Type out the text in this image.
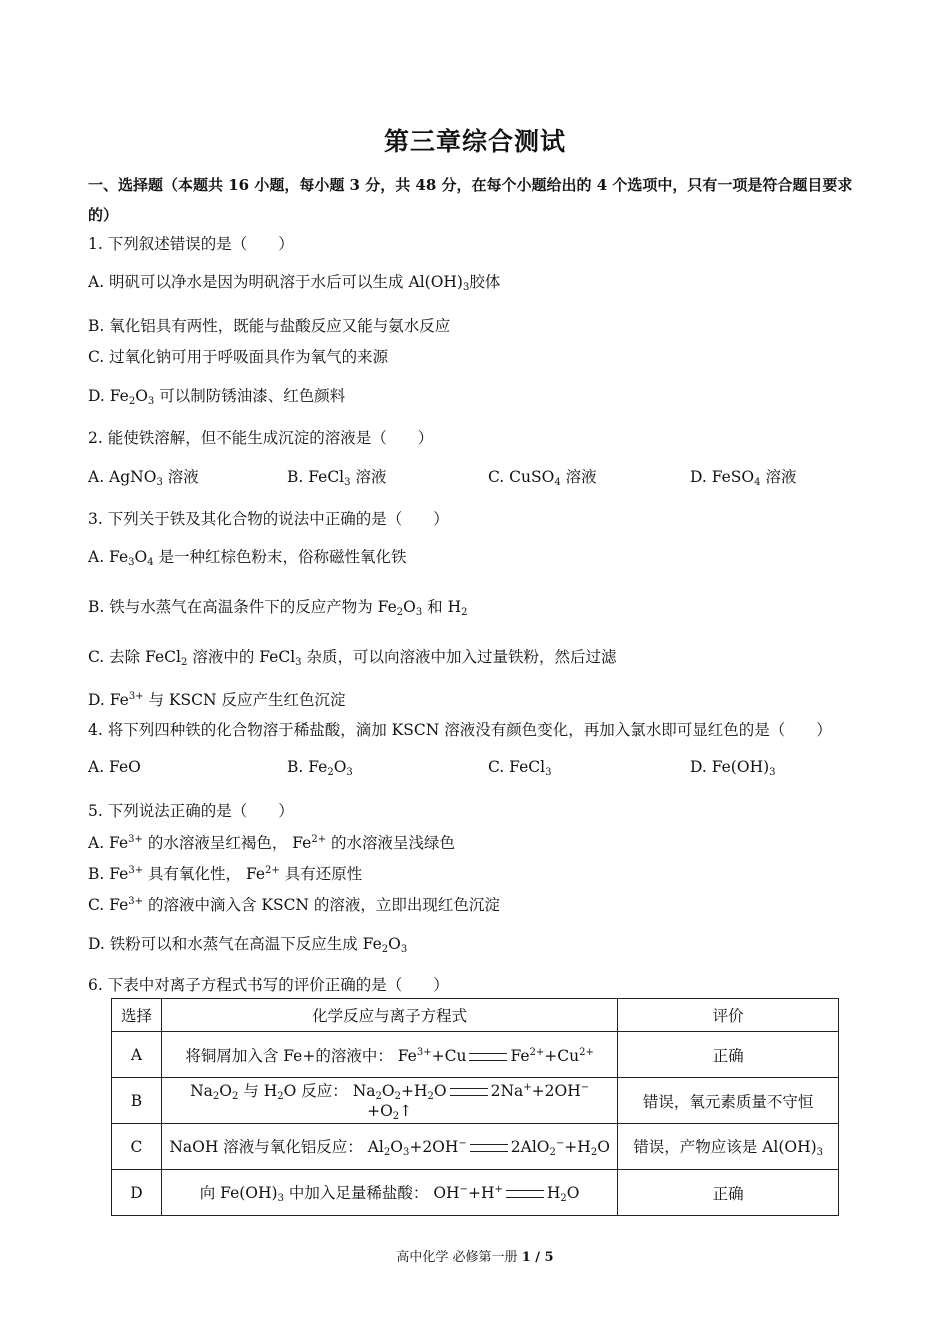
第三章综合测试
一、选择题（本题共 16 小题，每小题 3 分，共 48 分，在每个小题给出的 4 个选项中，只有一项是符合题目要求的）
1. 下列叙述错误的是（　　）
A. 明矾可以净水是因为明矾溶于水后可以生成 $Al(OH)_3$胶体
B. 氧化铝具有两性，既能与盐酸反应又能与氨水反应
C. 过氧化钠可用于呼吸面具作为氧气的来源
D. $Fe_2O_3$ 可以制防锈油漆、红色颜料
2. 能使铁溶解，但不能生成沉淀的溶液是（　　）
A. AgNO$_3$ 溶液	B. FeCl$_3$ 溶液	C. CuSO$_4$ 溶液	D. FeSO$_4$ 溶液
3. 下列关于铁及其化合物的说法中正确的是（　　）
A. $Fe_3O_4$ 是一种红棕色粉末，俗称磁性氧化铁
B. 铁与水蒸气在高温条件下的反应产物为 $Fe_2O_3$ 和 $H_2$
C. 去除 FeCl$_2$ 溶液中的 FeCl$_3$ 杂质，可以向溶液中加入过量铁粉，然后过滤
D. $Fe^{3+}$ 与 KSCN 反应产生红色沉淀
4. 将下列四种铁的化合物溶于稀盐酸，滴加 KSCN 溶液没有颜色变化，再加入氯水即可显红色的是（　　）
A. FeO	B. $Fe_2O_3$	C. FeCl$_3$	D. $Fe(OH)_3$
5. 下列说法正确的是（　　）
A. $Fe^{3+}$ 的水溶液呈红褐色， $Fe^{2+}$ 的水溶液呈浅绿色
B. $Fe^{3+}$ 具有氧化性， $Fe^{2+}$ 具有还原性
C. $Fe^{3+}$ 的溶液中滴入含 KSCN 的溶液，立即出现红色沉淀
D. 铁粉可以和水蒸气在高温下反应生成 $Fe_2O_3$
6. 下表中对离子方程式书写的评价正确的是（　　）
选择	化学反应与离子方程式	评价
A	将铜屑加入含 Fe+的溶液中： $Fe^{3+}+Cu$ $Fe^{2+}+Cu^{2+}$	正确
B	$Na_2O_2$ 与 $H_2O$ 反应： $Na_2O_2+H_2O$ $2Na^++2OH^-+O_2↑$	错误，氧元素质量不守恒
C	NaOH 溶液与氧化铝反应： $Al_2O_3+2OH^-$ $2AlO_2^-+H_2O$	错误，产物应该是 $Al(OH)_3$
D	向 $Fe(OH)_3$ 中加入足量稀盐酸： OH−+H+ $H_2O$	正确
高中化学 必修第一册 1 / 5
